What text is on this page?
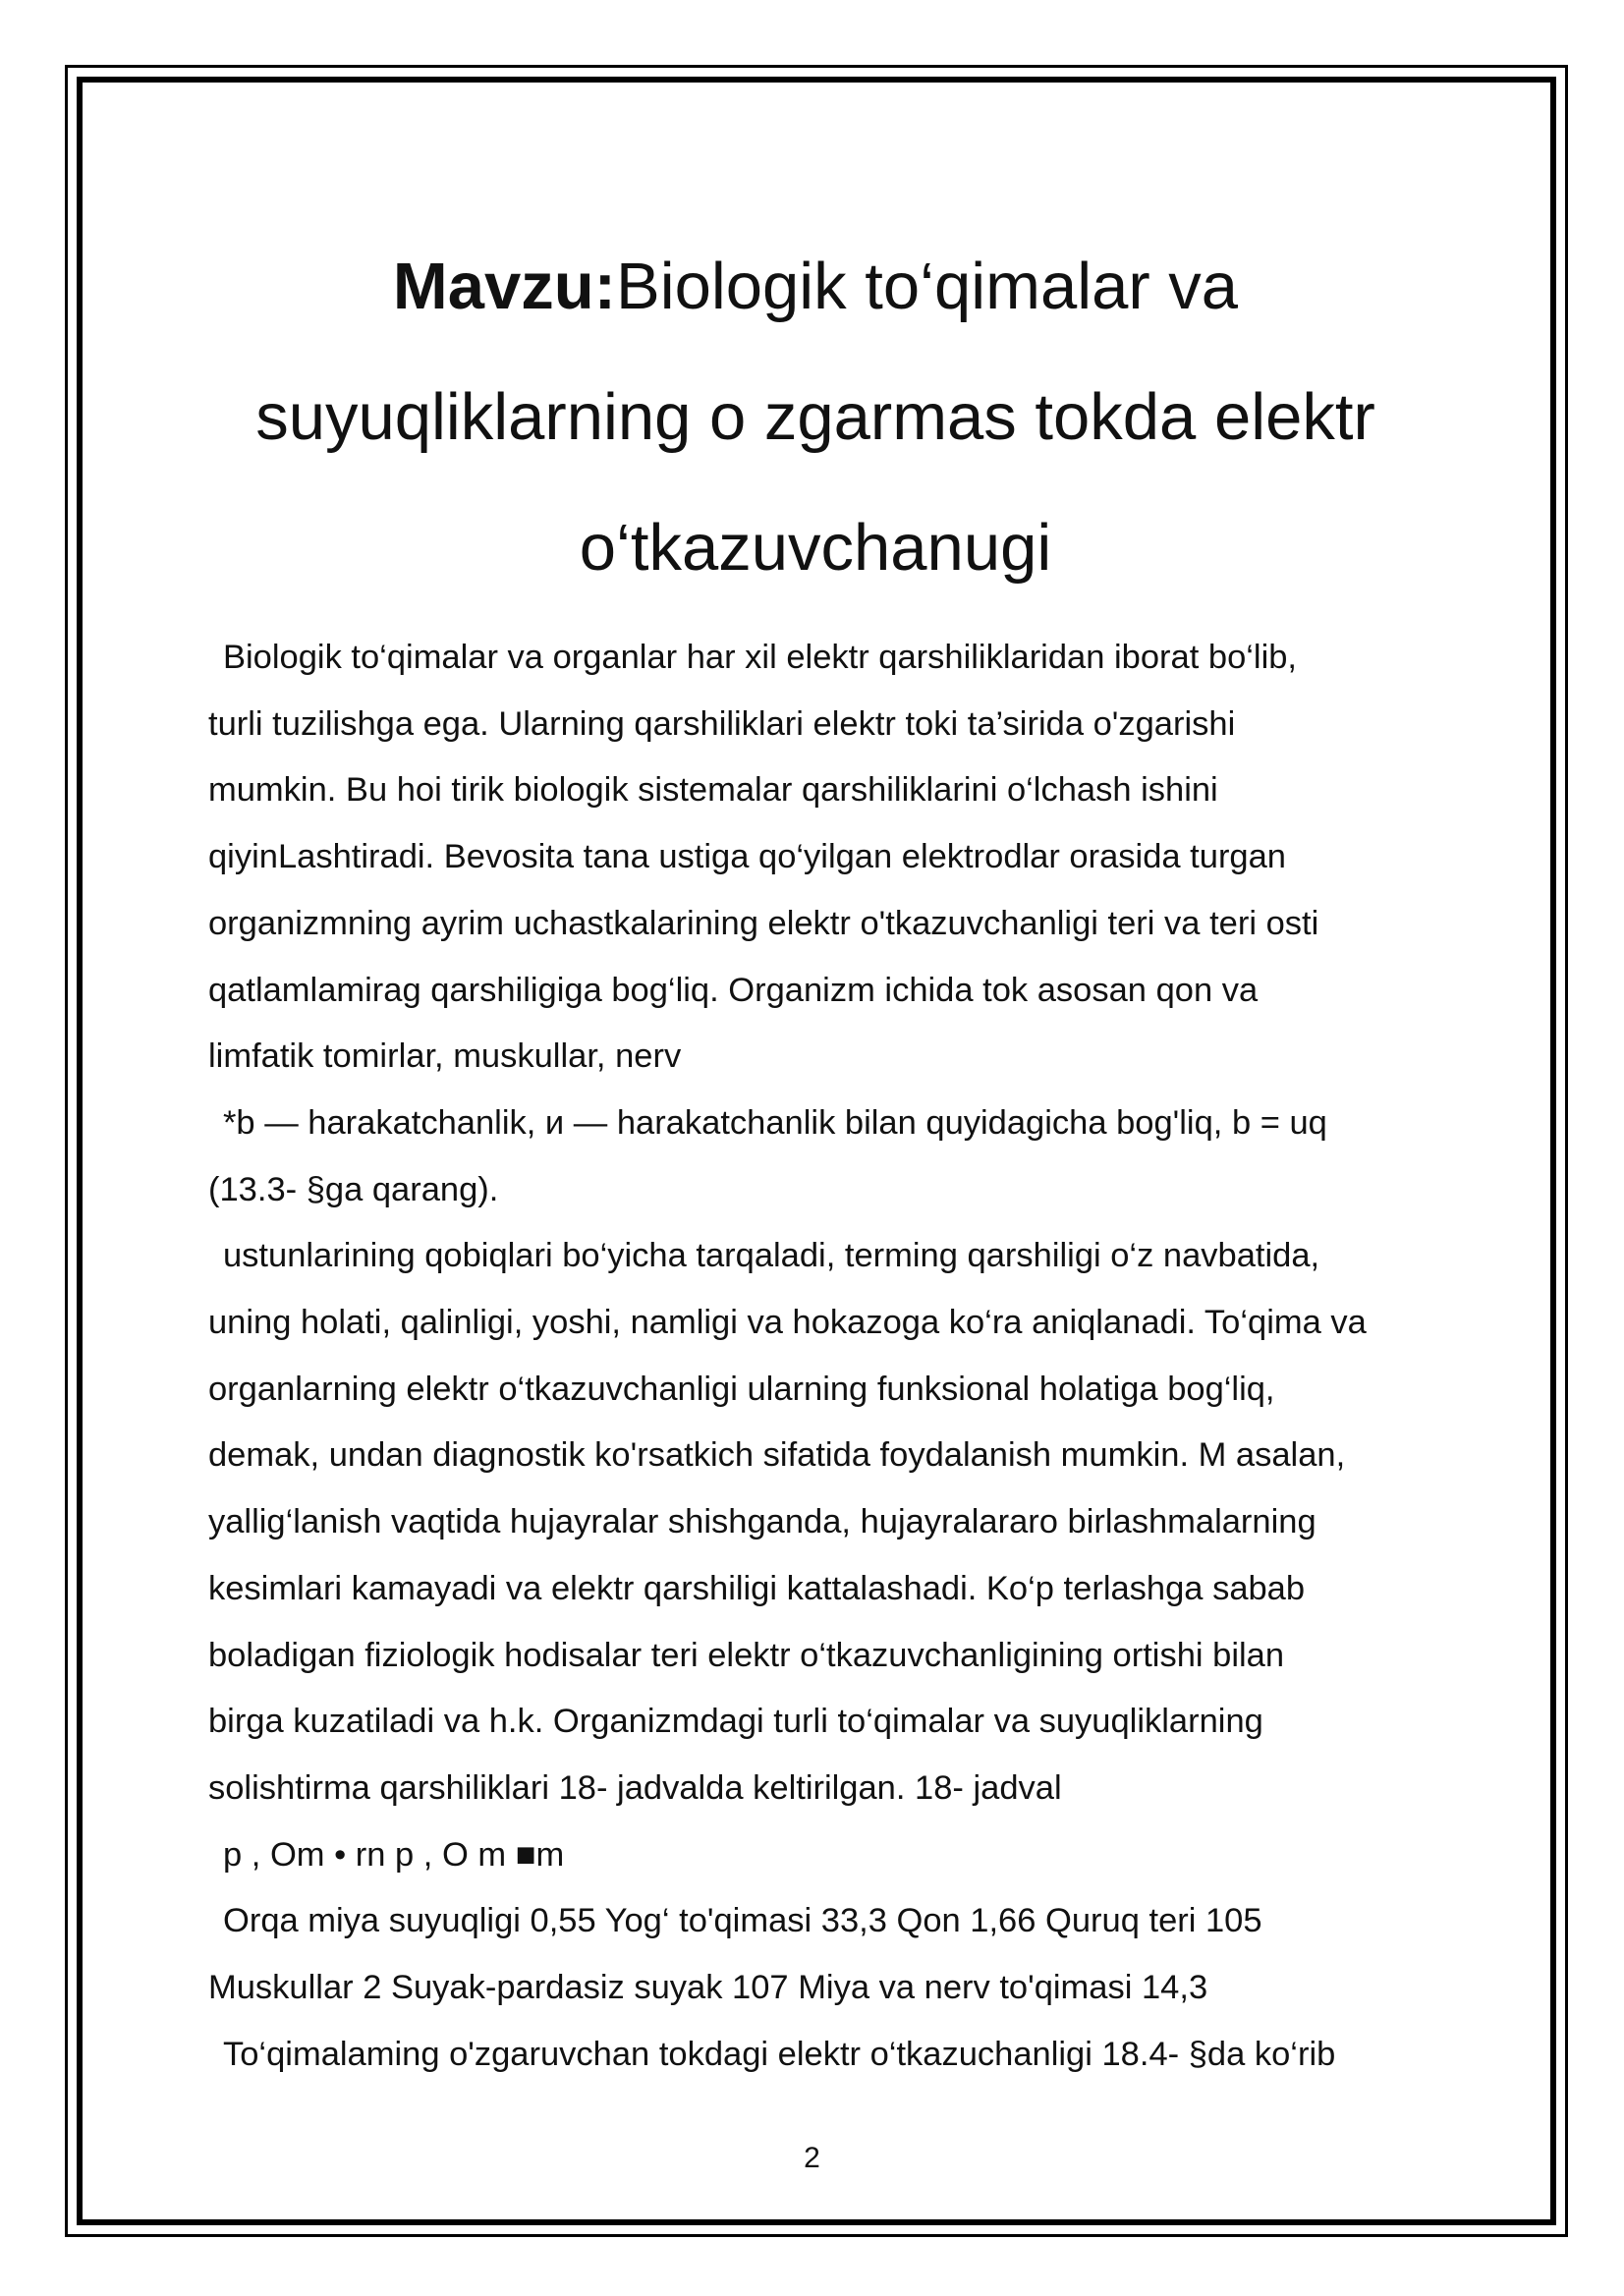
Mavzu:Biologik to‘qimalar va
suyuqliklarning o zgarmas tokda elektr
o‘tkazuvchanugi

Biologik to‘qimalar va organlar har xil elektr qarshiliklaridan iborat bo‘lib,

turli tuzilishga ega. Ularning qarshiliklari elektr toki ta’sirida o'zgarishi

mumkin. Bu hoi tirik biologik sistemalar qarshiliklarini o‘lchash ishini

qiyinLashtiradi. Bevosita tana ustiga qo‘yilgan elektrodlar orasida turgan

organizmning ayrim uchastkalarining elektr o'tkazuvchanligi teri va teri osti

qatlamlamirag qarshiligiga bog‘liq. Organizm ichida tok asosan qon va

limfatik tomirlar, muskullar, nerv

*b — harakatchanlik, и — harakatchanlik bilan quyidagicha bog'liq, b = uq

(13.3- §ga qarang).

ustunlarining qobiqlari bo‘yicha tarqaladi, terming qarshiligi o‘z navbatida,

uning holati, qalinligi, yoshi, namligi va hokazoga ko‘ra aniqlanadi. To‘qima va

organlarning elektr o‘tkazuvchanligi ularning funksional holatiga bog‘liq,

demak, undan diagnostik ko'rsatkich sifatida foydalanish mumkin. M asalan,

yallig‘lanish vaqtida hujayralar shishganda, hujayralararo birlashmalarning

kesimlari kamayadi va elektr qarshiligi kattalashadi. Ko‘p terlashga sabab

boladigan fiziologik hodisalar teri elektr o‘tkazuvchanligining ortishi bilan

birga kuzatiladi va h.k. Organizmdagi turli to‘qimalar va suyuqliklarning

solishtirma qarshiliklari 18- jadvalda keltirilgan. 18- jadval

p , Om • rn p , O m ■m

Orqa miya suyuqligi 0,55 Yog‘ to'qimasi 33,3 Qon 1,66 Quruq teri 105

Muskullar 2 Suyak-pardasiz suyak 107 Miya va nerv to'qimasi 14,3

To‘qimalaming o'zgaruvchan tokdagi elektr o‘tkazuchanligi 18.4- §da ko‘rib

2
